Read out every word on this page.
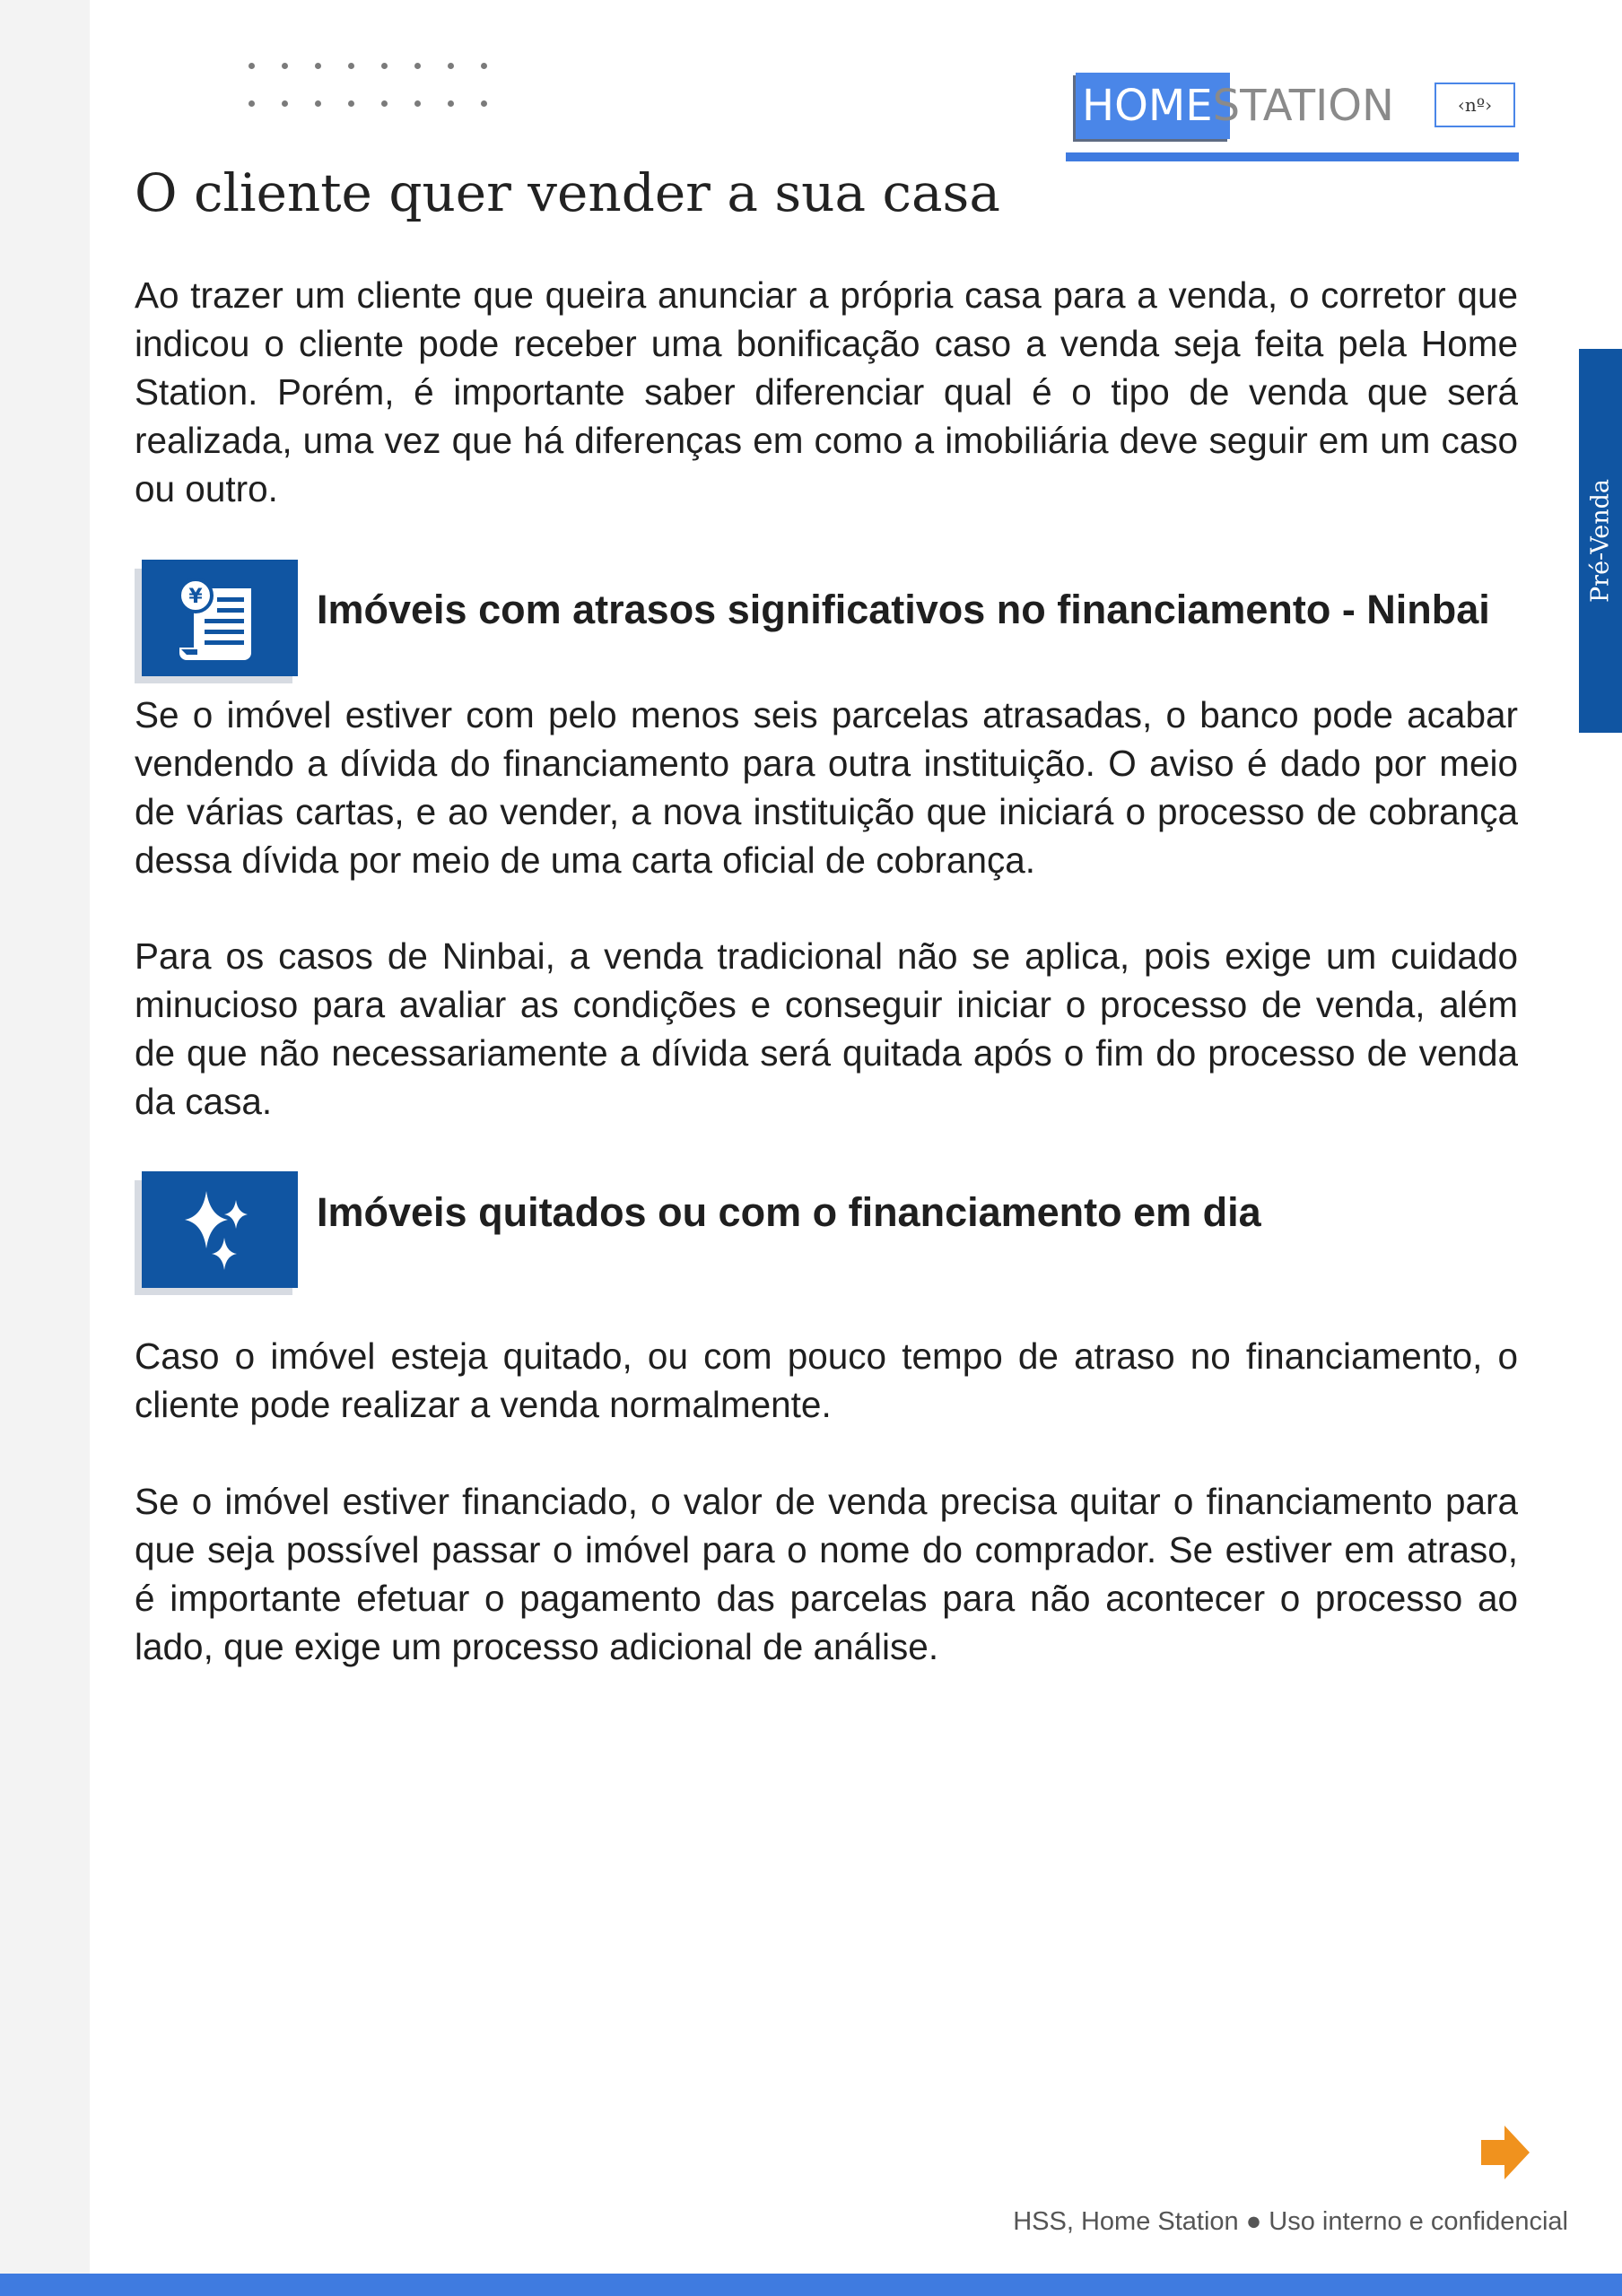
HOMESTATION	‹nº›
Pré-Venda
O cliente quer vender a sua casa

Ao trazer um cliente que queira anunciar a própria casa para a venda, o corretor que indicou o cliente pode receber uma bonificação caso a venda seja feita pela Home Station. Porém, é importante saber diferenciar qual é o tipo de venda que será realizada, uma vez que há diferenças em como a imobiliária deve seguir em um caso ou outro.

¥	Imóveis com atrasos significativos no financiamento - Ninbai

Se o imóvel estiver com pelo menos seis parcelas atrasadas, o banco pode acabar vendendo a dívida do financiamento para outra instituição. O aviso é dado por meio de várias cartas, e ao vender, a nova instituição que iniciará o processo de cobrança dessa dívida por meio de uma carta oficial de cobrança.

Para os casos de Ninbai, a venda tradicional não se aplica, pois exige um cuidado minucioso para avaliar as condições e conseguir iniciar o processo de venda, além de que não necessariamente a dívida será quitada após o fim do processo de venda da casa.

Imóveis quitados ou com o financiamento em dia

Caso o imóvel esteja quitado, ou com pouco tempo de atraso no financiamento, o cliente pode realizar a venda normalmente.

Se o imóvel estiver financiado, o valor de venda precisa quitar o financiamento para que seja possível passar o imóvel para o nome do comprador. Se estiver em atraso, é importante efetuar o pagamento das parcelas para não acontecer o processo ao lado, que exige um processo adicional de análise.

HSS, Home Station ● Uso interno e confidencial
